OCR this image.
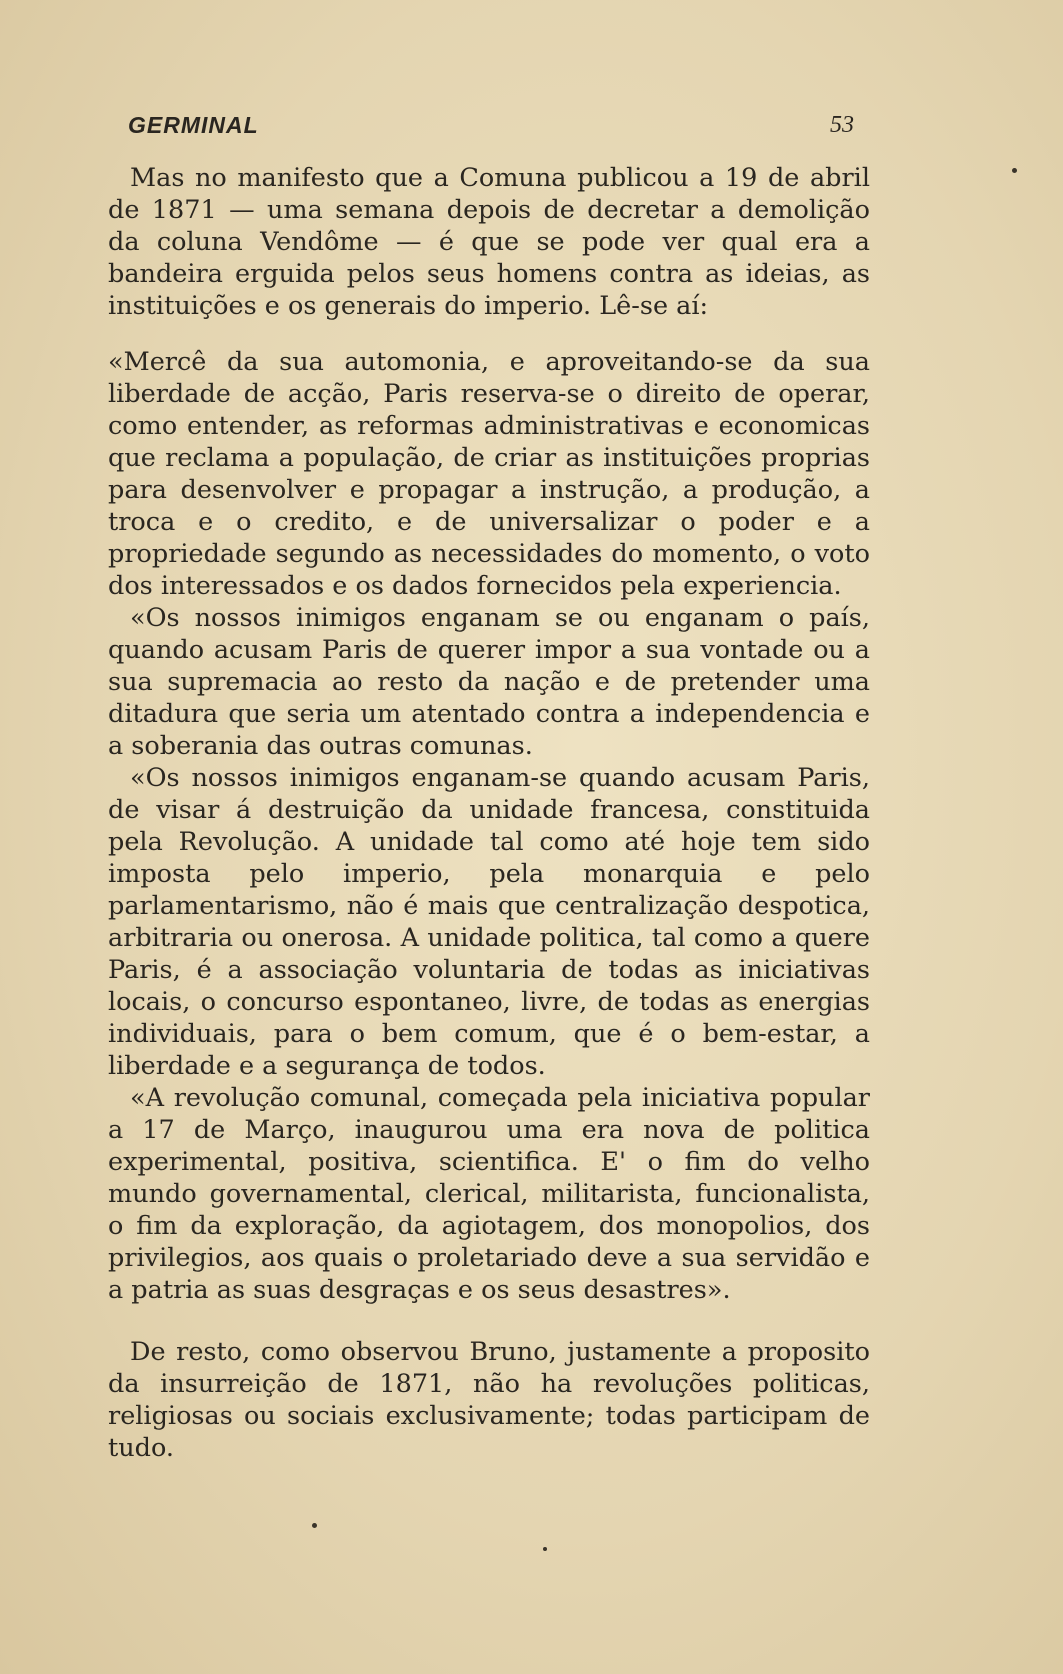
GERMINAL	53

Mas no manifesto que a Comuna publicou a 19 de abril de 1871 — uma semana depois de decretar a demolição da coluna Vendôme — é que se pode ver qual era a bandeira erguida pelos seus homens contra as ideias, as instituições e os generais do imperio. Lê-se aí:

«Mercê da sua automonia, e aproveitando-se da sua liberdade de acção, Paris reserva-se o direito de operar, como entender, as reformas administrativas e economicas que reclama a população, de criar as instituições proprias para desenvolver e propagar a instrução, a produção, a troca e o credito, e de universalizar o poder e a propriedade segundo as necessidades do momento, o voto dos interessados e os dados fornecidos pela experiencia.

«Os nossos inimigos enganam se ou enganam o país, quando acusam Paris de querer impor a sua vontade ou a sua supremacia ao resto da nação e de pretender uma ditadura que seria um atentado contra a independencia e a soberania das outras comunas.

«Os nossos inimigos enganam-se quando acusam Paris, de visar á destruição da unidade francesa, constituida pela Revolução. A unidade tal como até hoje tem sido imposta pelo imperio, pela monarquia e pelo parlamentarismo, não é mais que centralização despotica, arbitraria ou onerosa. A unidade politica, tal como a quere Paris, é a associação voluntaria de todas as iniciativas locais, o concurso espontaneo, livre, de todas as energias individuais, para o bem comum, que é o bem-estar, a liberdade e a segurança de todos.

«A revolução comunal, começada pela iniciativa popular a 17 de Março, inaugurou uma era nova de politica experimental, positiva, scientifica. E' o fim do velho mundo governamental, clerical, militarista, funcionalista, o fim da exploração, da agiotagem, dos monopolios, dos privilegios, aos quais o proletariado deve a sua servidão e a patria as suas desgraças e os seus desastres».

De resto, como observou Bruno, justamente a proposito da insurreição de 1871, não ha revoluções politicas, religiosas ou sociais exclusivamente; todas participam de tudo.
